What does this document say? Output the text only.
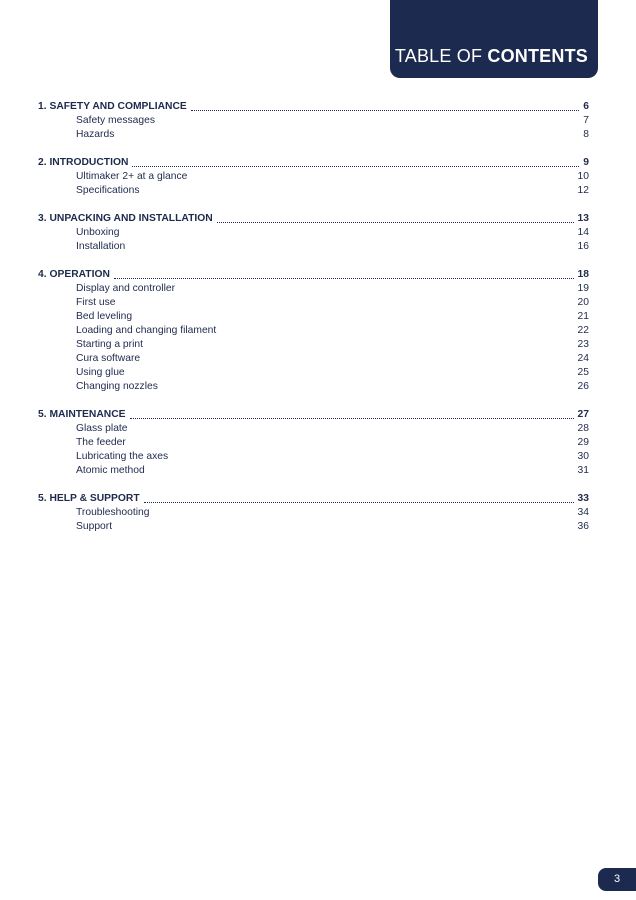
TABLE OF CONTENTS
1. SAFETY AND COMPLIANCE	6
Safety messages	7
Hazards	8
2. INTRODUCTION	9
Ultimaker 2+ at a glance	10
Specifications	12
3. UNPACKING AND INSTALLATION	13
Unboxing	14
Installation	16
4. OPERATION	18
Display and controller	19
First use	20
Bed leveling	21
Loading and changing filament	22
Starting a print	23
Cura software	24
Using glue	25
Changing nozzles	26
5. MAINTENANCE	27
Glass plate	28
The feeder	29
Lubricating the axes	30
Atomic method	31
5. HELP & SUPPORT	33
Troubleshooting	34
Support	36
3
